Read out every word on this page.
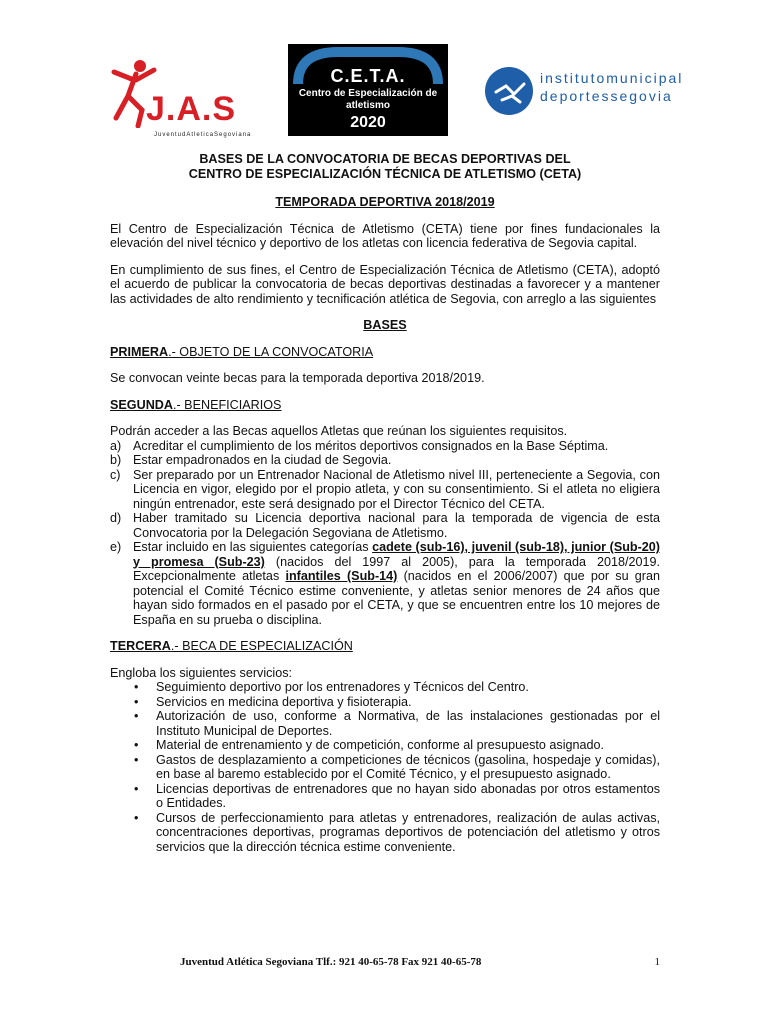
J.A.S
JuventudAtleticaSegoviana
C.E.T.A.
Centro de Especialización de atletismo
2020
institutomunicipal
deportessegovia
BASES DE LA CONVOCATORIA DE BECAS DEPORTIVAS DEL
CENTRO DE ESPECIALIZACIÓN TÉCNICA DE ATLETISMO (CETA)

TEMPORADA DEPORTIVA 2018/2019

El Centro de Especialización Técnica de Atletismo (CETA) tiene por fines fundacionales la elevación del nivel técnico y deportivo de los atletas con licencia federativa de Segovia capital.

En cumplimiento de sus fines, el Centro de Especialización Técnica de Atletismo (CETA), adoptó el acuerdo de publicar la convocatoria de becas deportivas destinadas a favorecer y a mantener las actividades de alto rendimiento y tecnificación atlética de Segovia, con arreglo a las siguientes

BASES

PRIMERA.- OBJETO DE LA CONVOCATORIA

Se convocan veinte becas para la temporada deportiva 2018/2019.

SEGUNDA.- BENEFICIARIOS

Podrán acceder a las Becas aquellos Atletas que reúnan los siguientes requisitos.

a) Acreditar el cumplimiento de los méritos deportivos consignados en la Base Séptima.
b) Estar empadronados en la ciudad de Segovia.
c) Ser preparado por un Entrenador Nacional de Atletismo nivel III, perteneciente a Segovia, con Licencia en vigor, elegido por el propio atleta, y con su consentimiento. Si el atleta no eligiera ningún entrenador, este será designado por el Director Técnico del CETA.
d) Haber tramitado su Licencia deportiva nacional para la temporada de vigencia de esta Convocatoria por la Delegación Segoviana de Atletismo.
e) Estar incluido en las siguientes categorías cadete (sub-16), juvenil (sub-18), junior (Sub-20) y promesa (Sub-23) (nacidos del 1997 al 2005), para la temporada 2018/2019. Excepcionalmente atletas infantiles (Sub-14) (nacidos en el 2006/2007) que por su gran potencial el Comité Técnico estime conveniente, y atletas senior menores de 24 años que hayan sido formados en el pasado por el CETA, y que se encuentren entre los 10 mejores de España en su prueba o disciplina.

TERCERA.- BECA DE ESPECIALIZACIÓN

Engloba los siguientes servicios:

• Seguimiento deportivo por los entrenadores y Técnicos del Centro.
• Servicios en medicina deportiva y fisioterapia.
• Autorización de uso, conforme a Normativa, de las instalaciones gestionadas por el Instituto Municipal de Deportes.
• Material de entrenamiento y de competición, conforme al presupuesto asignado.
• Gastos de desplazamiento a competiciones de técnicos (gasolina, hospedaje y comidas), en base al baremo establecido por el Comité Técnico, y el presupuesto asignado.
• Licencias deportivas de entrenadores que no hayan sido abonadas por otros estamentos o Entidades.
• Cursos de perfeccionamiento para atletas y entrenadores, realización de aulas activas, concentraciones deportivas, programas deportivos de potenciación del atletismo y otros servicios que la dirección técnica estime conveniente.
Juventud Atlética Segoviana Tlf.: 921 40-65-78 Fax 921 40-65-78	1
